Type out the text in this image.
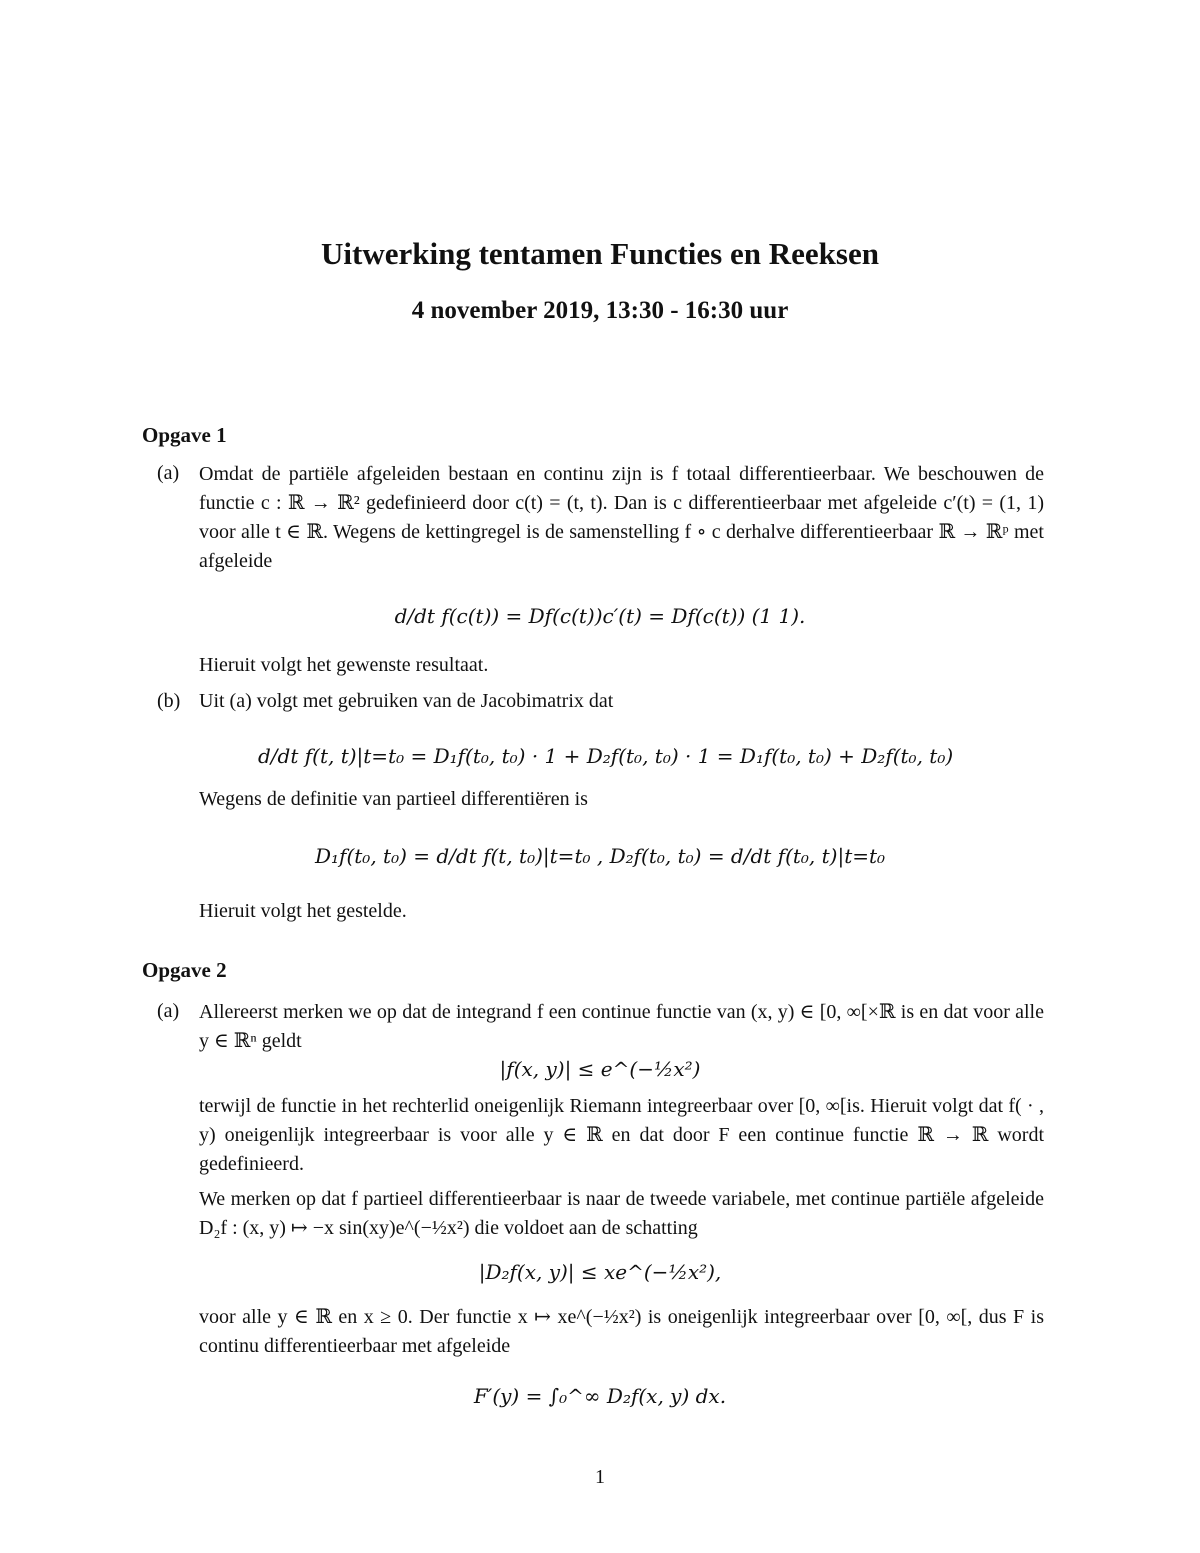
Uitwerking tentamen Functies en Reeksen
4 november 2019, 13:30 - 16:30 uur
Opgave 1
(a) Omdat de partiële afgeleiden bestaan en continu zijn is f totaal differentieerbaar. We beschouwen de functie c : ℝ → ℝ² gedefinieerd door c(t) = (t, t). Dan is c differentieerbaar met afgeleide c′(t) = (1, 1) voor alle t ∈ ℝ. Wegens de kettingregel is de samenstelling f ∘ c derhalve differentieerbaar ℝ → ℝᵖ met afgeleide
d/dt f(c(t)) = Df(c(t))c′(t) = Df(c(t)) (1 1).
Hieruit volgt het gewenste resultaat.
(b) Uit (a) volgt met gebruiken van de Jacobimatrix dat
d/dt f(t, t)|t=t₀ = D₁f(t₀, t₀) · 1 + D₂f(t₀, t₀) · 1 = D₁f(t₀, t₀) + D₂f(t₀, t₀)
Wegens de definitie van partieel differentiëren is
D₁f(t₀, t₀) = d/dt f(t, t₀)|t=t₀ , D₂f(t₀, t₀) = d/dt f(t₀, t)|t=t₀
Hieruit volgt het gestelde.
Opgave 2
(a) Allereerst merken we op dat de integrand f een continue functie van (x, y) ∈ [0, ∞[×ℝ is en dat voor alle y ∈ ℝⁿ geldt
|f(x, y)| ≤ e^(−½x²)
terwijl de functie in het rechterlid oneigenlijk Riemann integreerbaar over [0, ∞[is. Hieruit volgt dat f( · , y) oneigenlijk integreerbaar is voor alle y ∈ ℝ en dat door F een continue functie ℝ → ℝ wordt gedefinieerd.
We merken op dat f partieel differentieerbaar is naar de tweede variabele, met continue partiële afgeleide D₂f : (x, y) ↦ −x sin(xy)e^(−½x²) die voldoet aan de schatting
|D₂f(x, y)| ≤ xe^(−½x²),
voor alle y ∈ ℝ en x ≥ 0. Der functie x ↦ xe^(−½x²) is oneigenlijk integreerbaar over [0, ∞[, dus F is continu differentieerbaar met afgeleide
F′(y) = ∫₀^∞ D₂f(x, y) dx.
1
